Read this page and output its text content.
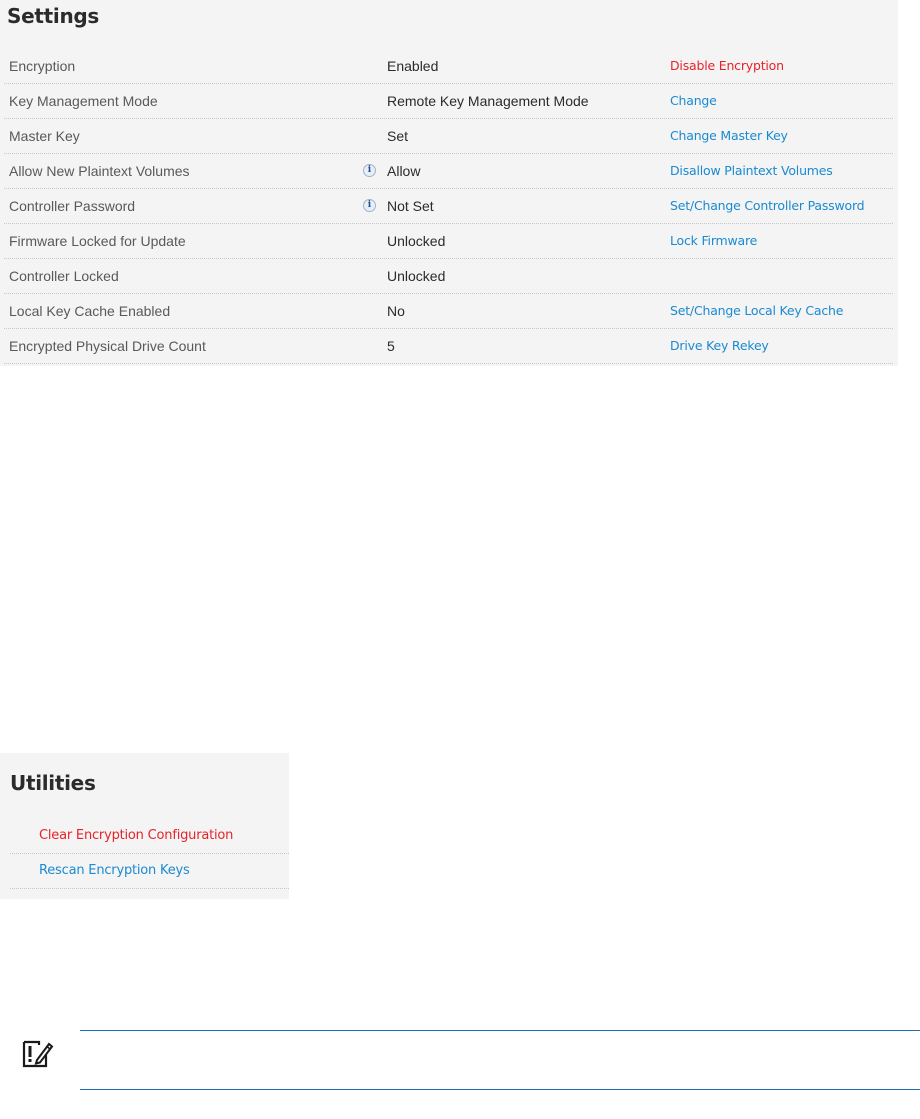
Settings
Encryption	Enabled	Disable Encryption
Key Management Mode	Remote Key Management Mode	Change
Master Key	Set	Change Master Key
Allow New Plaintext Volumes	i	Allow	Disallow Plaintext Volumes
Controller Password	i	Not Set	Set/Change Controller Password
Firmware Locked for Update	Unlocked	Lock Firmware
Controller Locked	Unlocked
Local Key Cache Enabled	No	Set/Change Local Key Cache
Encrypted Physical Drive Count	5	Drive Key Rekey
Utilities
Clear Encryption Configuration
Rescan Encryption Keys
